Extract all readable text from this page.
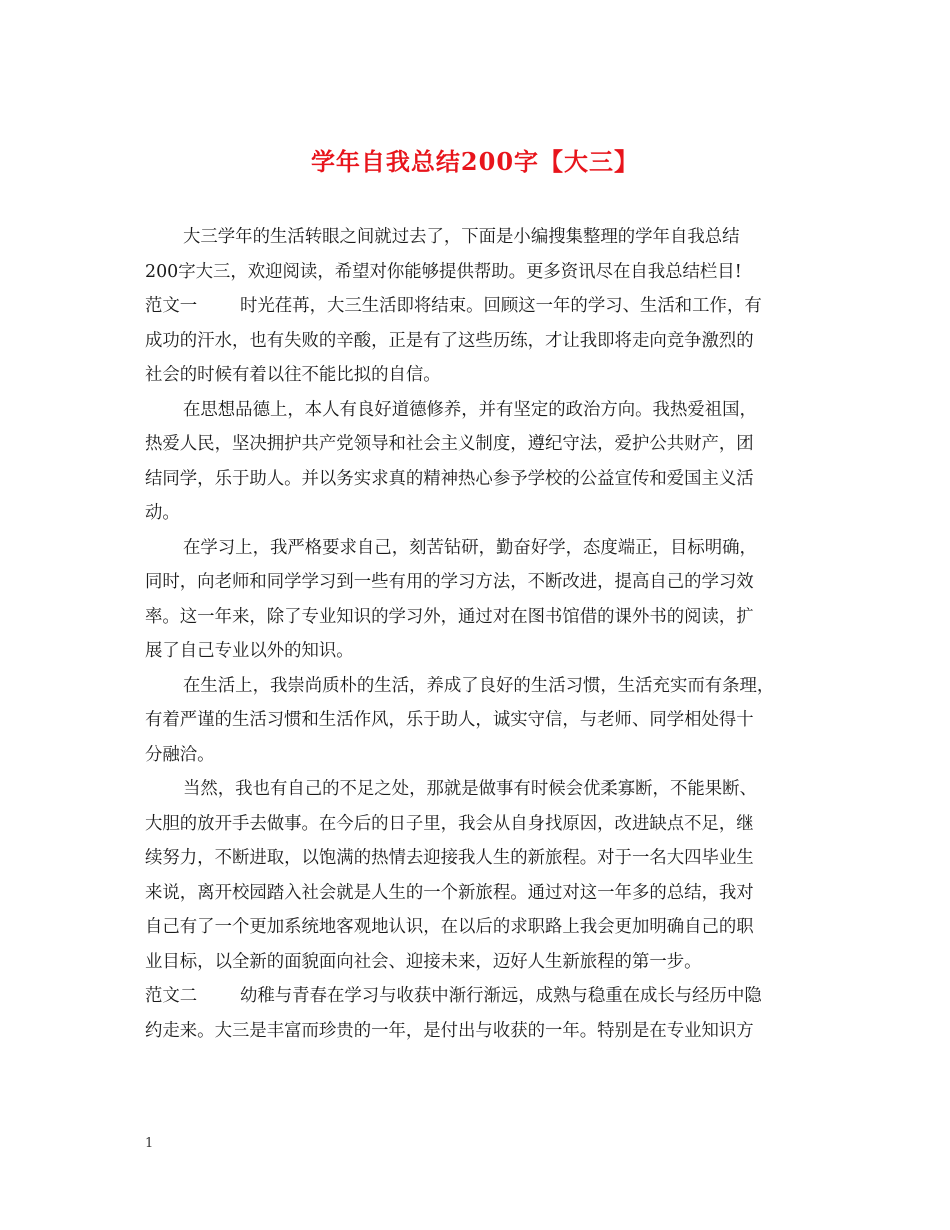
学年自我总结200字【大三】
大三学年的生活转眼之间就过去了，下面是小编搜集整理的学年自我总结
200字大三，欢迎阅读，希望对你能够提供帮助。更多资讯尽在自我总结栏目!
范文一 时光荏苒，大三生活即将结束。回顾这一年的学习、生活和工作，有
成功的汗水，也有失败的辛酸，正是有了这些历练，才让我即将走向竞争激烈的
社会的时候有着以往不能比拟的自信。
在思想品德上，本人有良好道德修养，并有坚定的政治方向。我热爱祖国，
热爱人民，坚决拥护共产党领导和社会主义制度，遵纪守法，爱护公共财产，团
结同学，乐于助人。并以务实求真的精神热心参予学校的公益宣传和爱国主义活
动。
在学习上，我严格要求自己，刻苦钻研，勤奋好学，态度端正，目标明确，
同时，向老师和同学学习到一些有用的学习方法，不断改进，提高自己的学习效
率。这一年来，除了专业知识的学习外，通过对在图书馆借的课外书的阅读，扩
展了自己专业以外的知识。
在生活上，我崇尚质朴的生活，养成了良好的生活习惯，生活充实而有条理，
有着严谨的生活习惯和生活作风，乐于助人，诚实守信，与老师、同学相处得十
分融洽。
当然，我也有自己的不足之处，那就是做事有时候会优柔寡断，不能果断、
大胆的放开手去做事。在今后的日子里，我会从自身找原因，改进缺点不足，继
续努力，不断进取，以饱满的热情去迎接我人生的新旅程。对于一名大四毕业生
来说，离开校园踏入社会就是人生的一个新旅程。通过对这一年多的总结，我对
自己有了一个更加系统地客观地认识，在以后的求职路上我会更加明确自己的职
业目标，以全新的面貌面向社会、迎接未来，迈好人生新旅程的第一步。
范文二 幼稚与青春在学习与收获中渐行渐远，成熟与稳重在成长与经历中隐
约走来。大三是丰富而珍贵的一年，是付出与收获的一年。特别是在专业知识方
1
